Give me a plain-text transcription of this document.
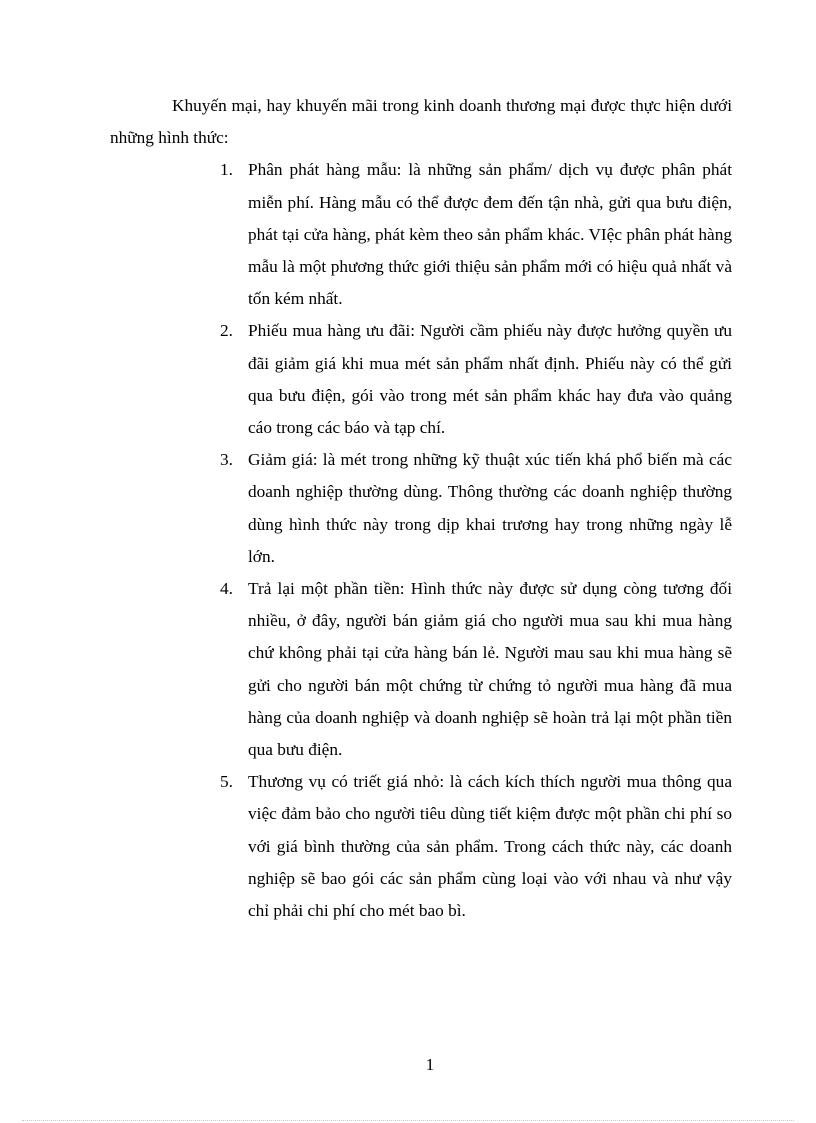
Khuyến mại, hay khuyến mãi trong kinh doanh thương mại được thực hiện dưới những hình thức:

1. Phân phát hàng mẫu: là những sản phẩm/ dịch vụ được phân phát miễn phí. Hàng mẫu có thể được đem đến tận nhà, gửi qua bưu điện, phát tại cửa hàng, phát kèm theo sản phẩm khác. VIệc phân phát hàng mẫu là một phương thức giới thiệu sản phẩm mới có hiệu quả nhất và tốn kém nhất.
2. Phiếu mua hàng ưu đãi: Người cầm phiếu này được hưởng quyền ưu đãi giảm giá khi mua mét sản phẩm nhất định. Phiếu này có thể gửi qua bưu điện, gói vào trong mét sản phẩm khác hay đưa vào quảng cáo trong các báo và tạp chí.
3. Giảm giá: là mét trong những kỹ thuật xúc tiến khá phổ biến mà các doanh nghiệp thường dùng. Thông thường các doanh nghiệp thường dùng hình thức này trong dịp khai trương hay trong những ngày lễ lớn.
4. Trả lại một phần tiền: Hình thức này được sử dụng còng tương đối nhiều, ở đây, người bán giảm giá cho người mua sau khi mua hàng chứ không phải tại cửa hàng bán lẻ. Người mau sau khi mua hàng sẽ gửi cho người bán một chứng từ chứng tỏ người mua hàng đã mua hàng của doanh nghiệp và doanh nghiệp sẽ hoàn trả lại một phần tiền qua bưu điện.
5. Thương vụ có triết giá nhỏ: là cách kích thích người mua thông qua việc đảm bảo cho người tiêu dùng tiết kiệm được một phần chi phí so với giá bình thường của sản phẩm. Trong cách thức này, các doanh nghiệp sẽ bao gói các sản phẩm cùng loại vào với nhau và như vậy chỉ phải chi phí cho mét bao bì.
1
